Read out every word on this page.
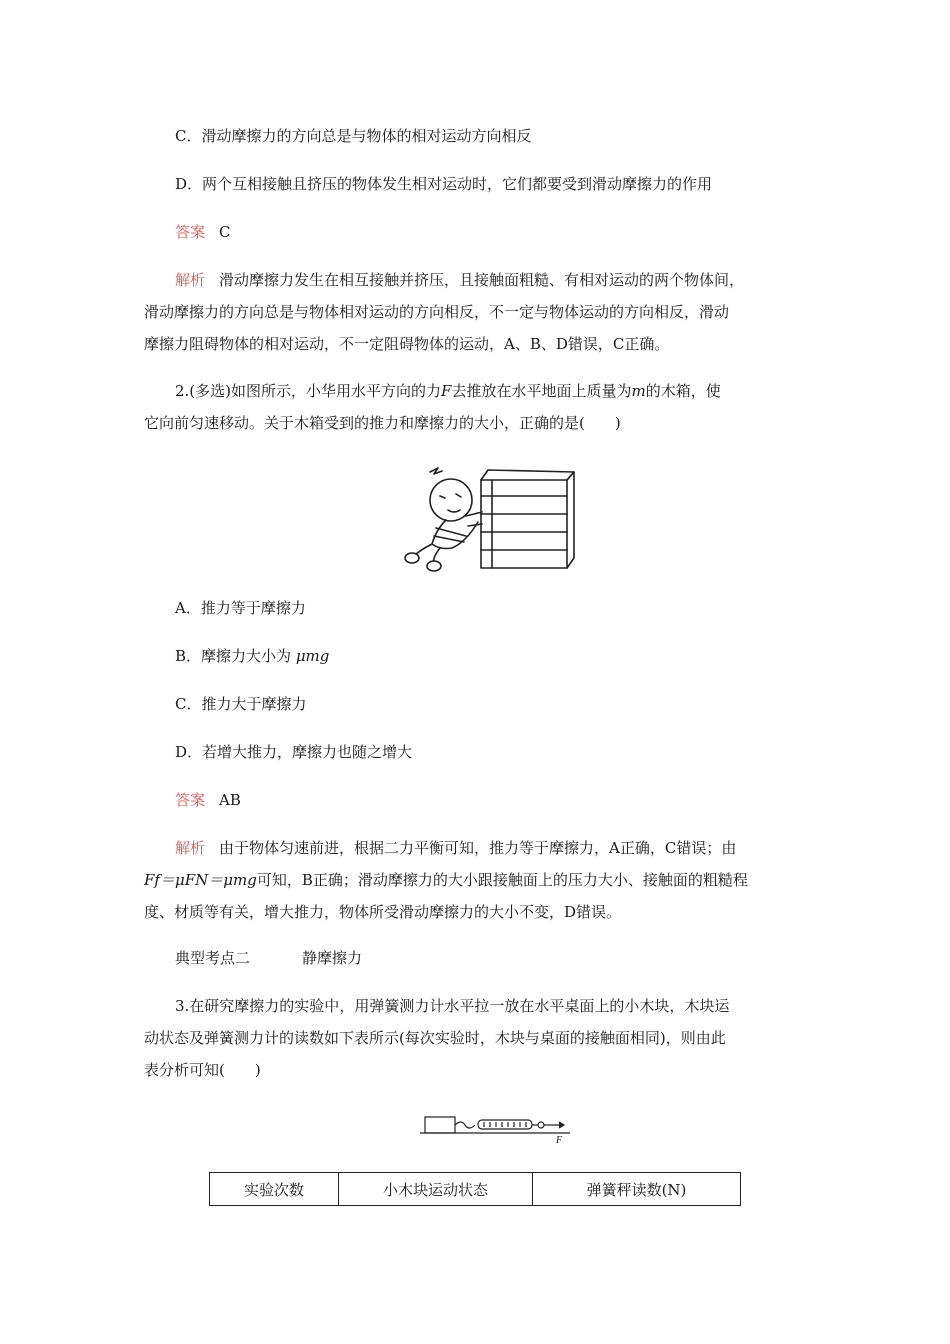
C．滑动摩擦力的方向总是与物体的相对运动方向相反
D．两个互相接触且挤压的物体发生相对运动时，它们都要受到滑动摩擦力的作用
答案 C
解析 滑动摩擦力发生在相互接触并挤压，且接触面粗糙、有相对运动的两个物体间，
滑动摩擦力的方向总是与物体相对运动的方向相反，不一定与物体运动的方向相反，滑动
摩擦力阻碍物体的相对运动，不一定阻碍物体的运动，A、B、D错误，C正确。
2.(多选)如图所示，小华用水平方向的力F去推放在水平地面上质量为m的木箱，使
它向前匀速移动。关于木箱受到的推力和摩擦力的大小，正确的是(　　)
A．推力等于摩擦力
B．摩擦力大小为 μmg
C．推力大于摩擦力
D．若增大推力，摩擦力也随之增大
答案 AB
解析 由于物体匀速前进，根据二力平衡可知，推力等于摩擦力，A正确，C错误；由
Ff＝μFN＝μmg可知，B正确；滑动摩擦力的大小跟接触面上的压力大小、接触面的粗糙程
度、材质等有关，增大推力，物体所受滑动摩擦力的大小不变，D错误。
典型考点二	静摩擦力
3.在研究摩擦力的实验中，用弹簧测力计水平拉一放在水平桌面上的小木块，木块运
动状态及弹簧测力计的读数如下表所示(每次实验时，木块与桌面的接触面相同)，则由此
表分析可知(　　)
F
实验次数	小木块运动状态	弹簧秤读数(N)
